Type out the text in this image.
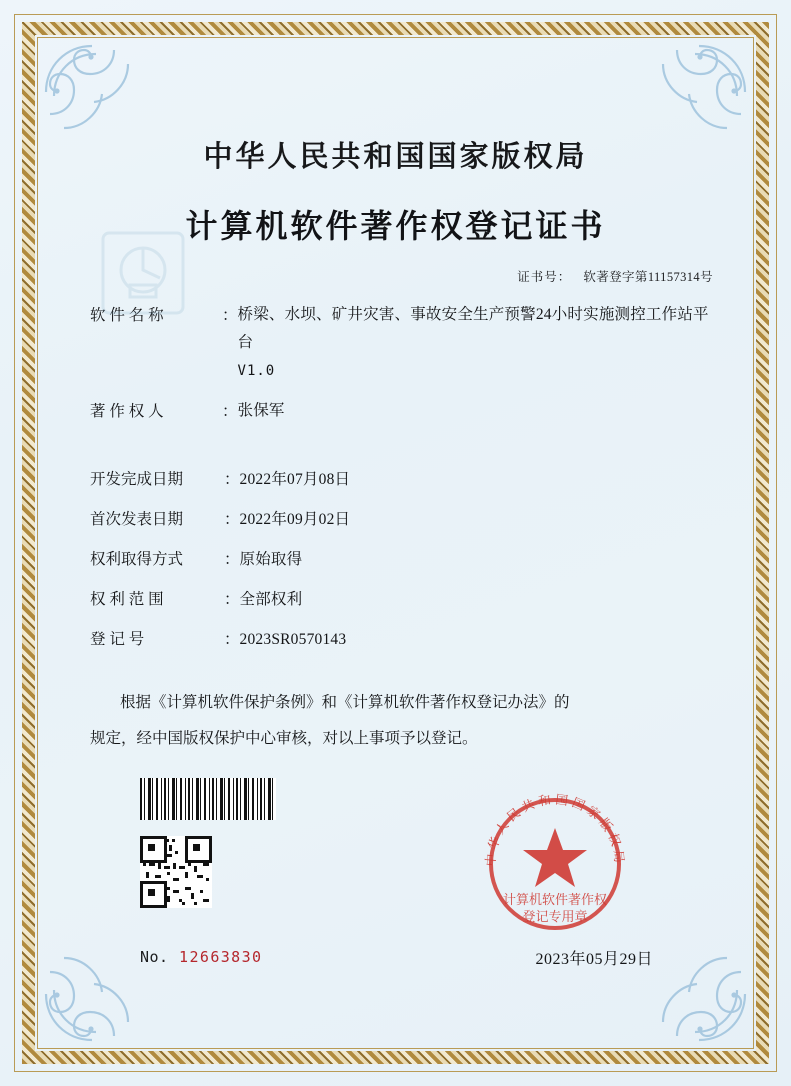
中华人民共和国国家版权局
计算机软件著作权登记证书
证书号： 软著登字第11157314号
软 件 名 称	： 桥梁、水坝、矿井灾害、事故安全生产预警24小时实施测控工作站平台
V1.0
著 作 权 人	： 张保军
开发完成日期	： 2022年07月08日
首次发表日期	： 2022年09月02日
权利取得方式	： 原始取得
权 利 范 围	： 全部权利
登 记 号	： 2023SR0570143
根据《计算机软件保护条例》和《计算机软件著作权登记办法》的
规定，经中国版权保护中心审核，对以上事项予以登记。
No. 12663830
中华人民共和国国家版权局
计算机软件著作权
登记专用章
2023年05月29日
